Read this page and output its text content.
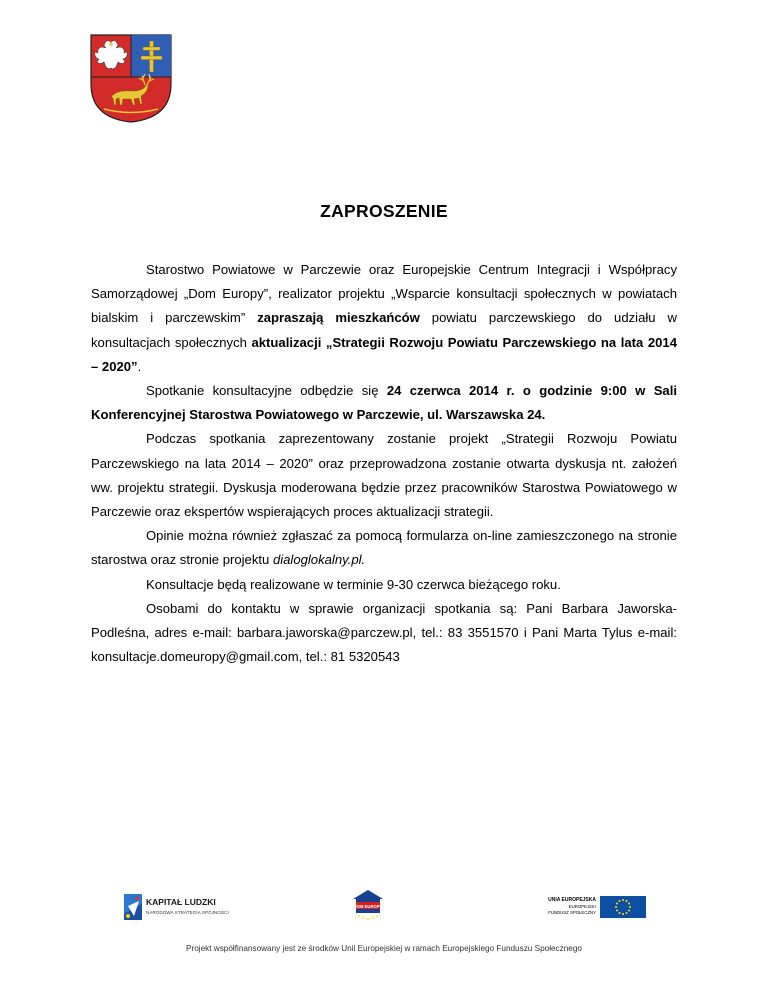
ZAPROSZENIE

Starostwo Powiatowe w Parczewie oraz Europejskie Centrum Integracji i Współpracy Samorządowej „Dom Europy”, realizator projektu „Wsparcie konsultacji społecznych w powiatach bialskim i parczewskim” zapraszają mieszkańców powiatu parczewskiego do udziału w konsultacjach społecznych aktualizacji „Strategii Rozwoju Powiatu Parczewskiego na lata 2014 – 2020”.

Spotkanie konsultacyjne odbędzie się 24 czerwca 2014 r. o godzinie 9:00 w Sali Konferencyjnej Starostwa Powiatowego w Parczewie, ul. Warszawska 24.

Podczas spotkania zaprezentowany zostanie projekt „Strategii Rozwoju Powiatu Parczewskiego na lata 2014 – 2020” oraz przeprowadzona zostanie otwarta dyskusja nt. założeń ww. projektu strategii. Dyskusja moderowana będzie przez pracowników Starostwa Powiatowego w Parczewie oraz ekspertów wspierających proces aktualizacji strategii.

Opinie można również zgłaszać za pomocą formularza on-line zamieszczonego na stronie starostwa oraz stronie projektu dialoglokalny.pl.

Konsultacje będą realizowane w terminie 9-30 czerwca bieżącego roku.

Osobami do kontaktu w sprawie organizacji spotkania są: Pani Barbara Jaworska-Podleśna, adres e-mail: barbara.jaworska@parczew.pl, tel.: 83 3551570 i Pani Marta Tylus e-mail: konsultacje.domeuropy@gmail.com, tel.: 81 5320543

KAPITAŁ LUDZKI
NARODOWA STRATEGIA SPÓJNOŚCI
DOM EUROPY
UNIA EUROPEJSKA
EUROPEJSKI
FUNDUSZ SPOŁECZNY
Projekt współfinansowany jest ze środków Unii Europejskiej w ramach Europejskiego Funduszu Społecznego
